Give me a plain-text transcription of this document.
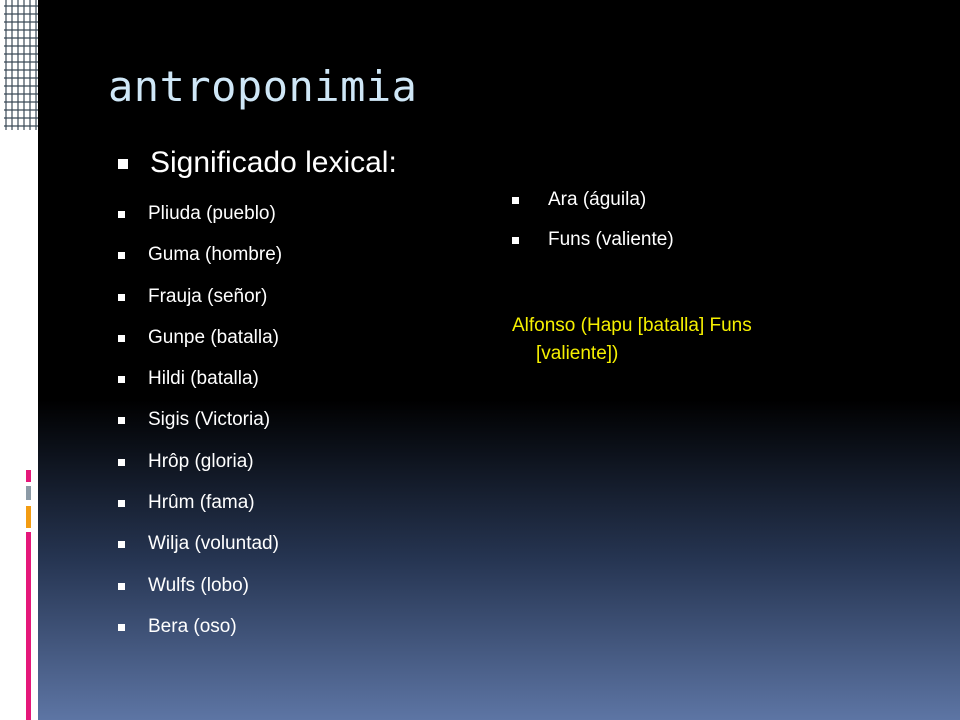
antroponimia
Significado lexical:
Pliuda (pueblo)
Guma (hombre)
Frauja (señor)
Gunpe (batalla)
Hildi (batalla)
Sigis (Victoria)
Hrôp (gloria)
Hrûm (fama)
Wilja (voluntad)
Wulfs (lobo)
Bera (oso)
Ara (águila)
Funs (valiente)
Alfonso (Hapu [batalla] Funs
[valiente])
